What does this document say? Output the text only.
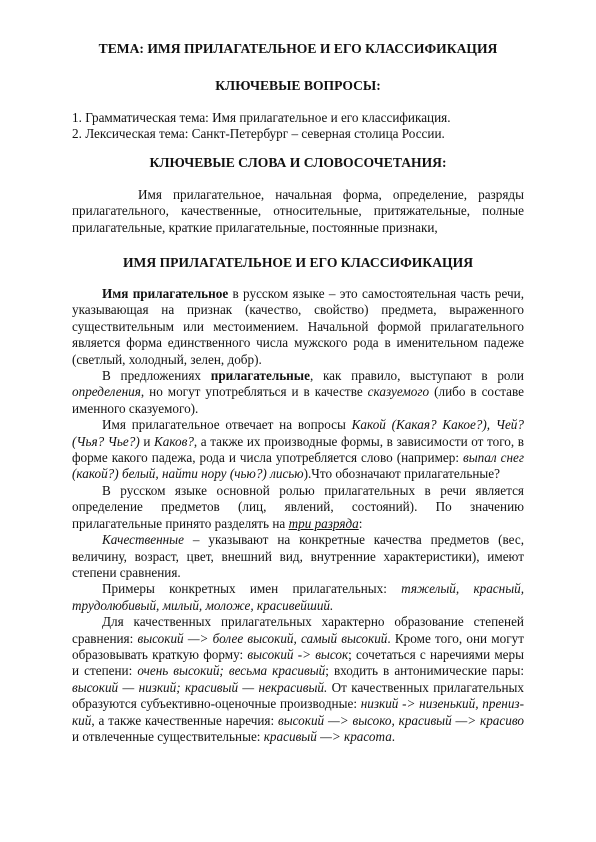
ТЕМА: ИМЯ ПРИЛАГАТЕЛЬНОЕ И ЕГО КЛАССИФИКАЦИЯ
КЛЮЧЕВЫЕ ВОПРОСЫ:

1. Грамматическая тема: Имя прилагательное и его классификация.

2. Лексическая тема: Санкт-Петербург – северная столица России.

КЛЮЧЕВЫЕ СЛОВА И СЛОВОСОЧЕТАНИЯ:

Имя прилагательное, начальная форма, определение, разряды прилагательного, качественные, относительные, притяжательные, полные прилагательные, краткие прилагательные, постоянные признаки,

ИМЯ ПРИЛАГАТЕЛЬНОЕ И ЕГО КЛАССИФИКАЦИЯ

Имя прилагательное в русском языке – это самостоятельная часть речи, указывающая на признак (качество, свойство) предмета, выраженного существительным или местоимением. Начальной формой прилагательного является форма единственного числа мужского рода в именительном падеже (светлый, холодный, зелен, добр).

В предложениях прилагательные, как правило, выступают в роли определения, но могут употребляться и в качестве сказуемого (либо в составе именного сказуемого).

Имя прилагательное отвечает на вопросы Какой (Какая? Какое?), Чей? (Чья? Чье?) и Каков?, а также их производные формы, в зависимости от того, в форме какого падежа, рода и числа употребляется слово (например: выпал снег (какой?) белый, найти нору (чью?) лисью).Что обозначают прилагательные?

В русском языке основной ролью прилагательных в речи является определение предметов (лиц, явлений, состояний). По значению прилагательные принято разделять на три разряда:

Качественные – указывают на конкретные качества предметов (вес, величину, возраст, цвет, внешний вид, внутренние характеристики), имеют степени сравнения.

Примеры конкретных имен прилагательных: тяжелый, красный, трудолюбивый, милый, моложе, красивейший.

Для качественных прилагательных характерно образование степеней сравнения: высокий —> более высокий, самый высокий. Кроме того, они могут образовывать краткую форму: высокий -> высок; сочетаться с наречиями меры и степени: очень высокий; весьма красивый; входить в антонимические пары: высокий — низкий; красивый — некрасивый. От качественных прилагательных образуются субъективно-оценочные производные: низкий -> низенький, пренизкий, а также качественные наречия: высокий —> высоко, красивый —> красиво и отвлеченные существительные: красивый —> красота.
